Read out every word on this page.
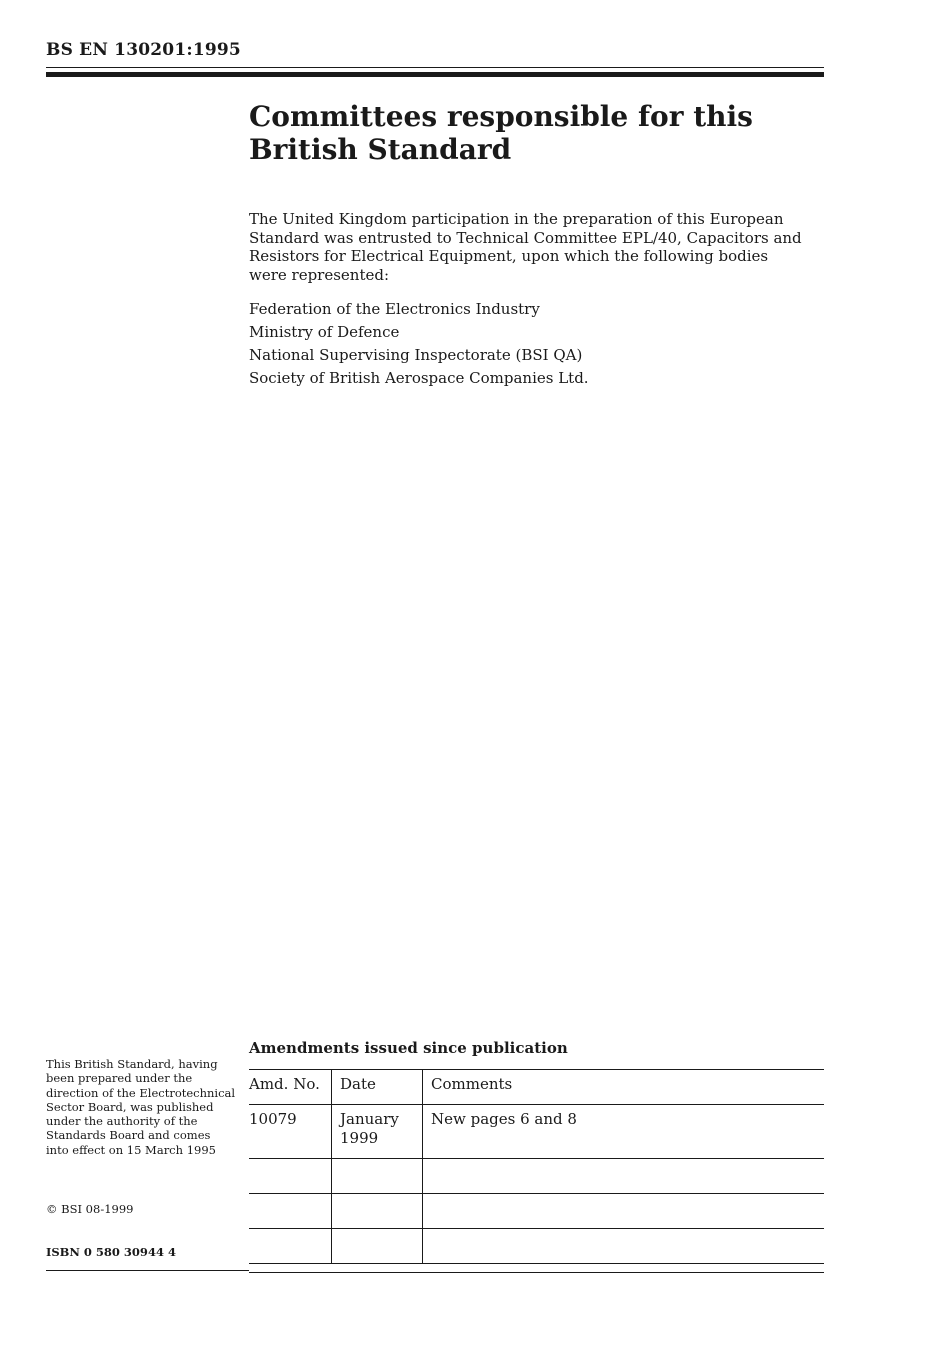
BS EN 130201:1995
Committees responsible for this
British Standard

The United Kingdom participation in the preparation of this European Standard was entrusted to Technical Committee EPL/40, Capacitors and Resistors for Electrical Equipment, upon which the following bodies were represented:

Federation of the Electronics Industry
Ministry of Defence
National Supervising Inspectorate (BSI QA)
Society of British Aerospace Companies Ltd.
This British Standard, having been prepared under the direction of the Electrotechnical Sector Board, was published under the authority of the Standards Board and comes into effect on 15 March 1995
© BSI 08-1999
ISBN 0 580 30944 4
Amendments issued since publication
Amd. No.	Date	Comments
10079	January 1999	New pages 6 and 8
